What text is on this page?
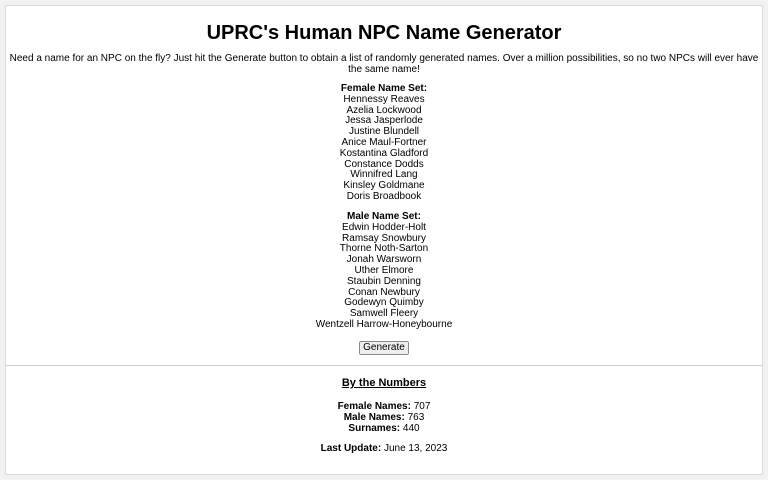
UPRC's Human NPC Name Generator

Need a name for an NPC on the fly? Just hit the Generate button to obtain a list of randomly generated names. Over a million possibilities, so no two NPCs will ever have the same name!

Female Name Set:
Hennessy Reaves
Azelia Lockwood
Jessa Jasperlode
Justine Blundell
Anice Maul-Fortner
Kostantina Gladford
Constance Dodds
Winnifred Lang
Kinsley Goldmane
Doris Broadbook
Male Name Set:
Edwin Hodder-Holt
Ramsay Snowbury
Thorne Noth-Sarton
Jonah Warsworn
Uther Elmore
Staubin Denning
Conan Newbury
Godewyn Quimby
Samwell Fleery
Wentzell Harrow-Honeybourne
Generate

By the Numbers

Female Names: 707
Male Names: 763
Surnames: 440
Last Update: June 13, 2023
